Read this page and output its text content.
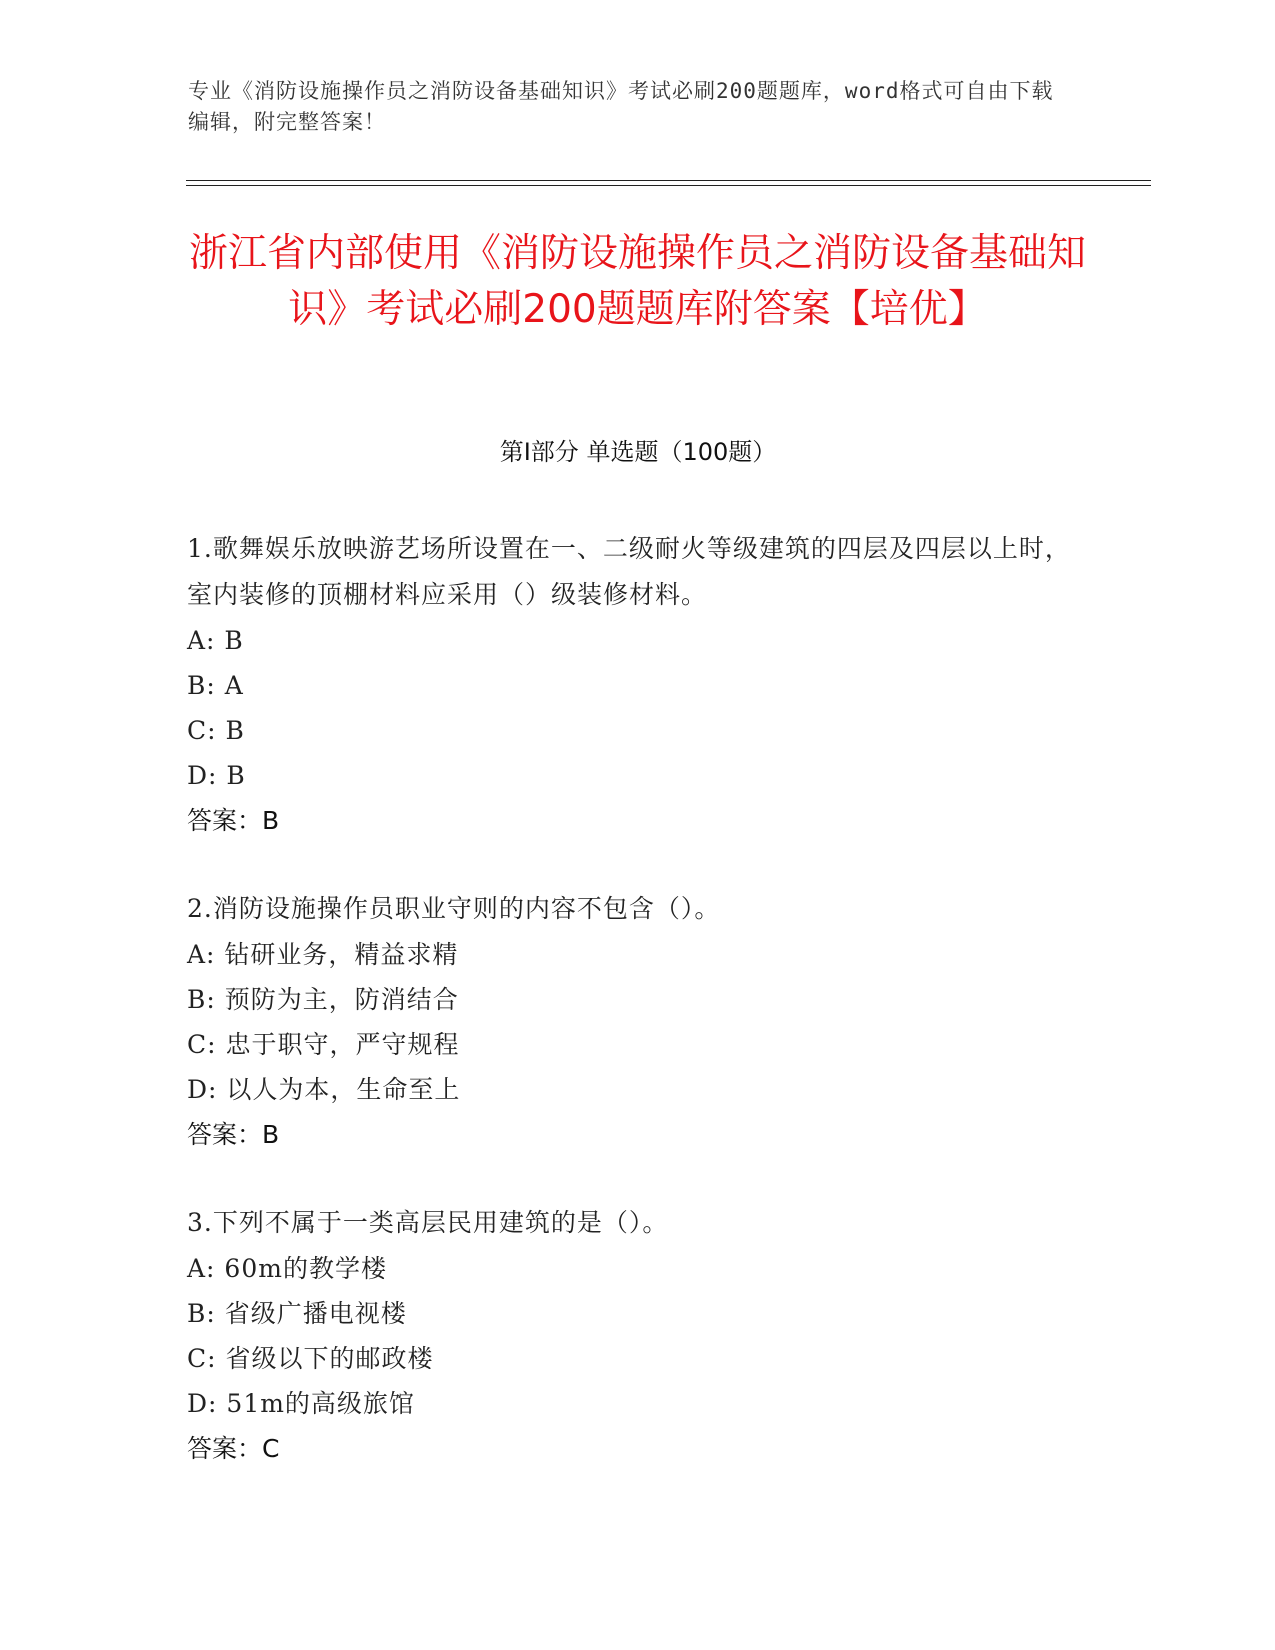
专业《消防设施操作员之消防设备基础知识》考试必刷200题题库，word格式可自由下载编辑，附完整答案！
浙江省内部使用《消防设施操作员之消防设备基础知识》考试必刷200题题库附答案【培优】
第Ⅰ部分 单选题（100题）
1.歌舞娱乐放映游艺场所设置在一、二级耐火等级建筑的四层及四层以上时，室内装修的顶棚材料应采用（）级装修材料。
A: B
B: A
C: B
D: B
答案：B
2.消防设施操作员职业守则的内容不包含（）。
A: 钻研业务，精益求精
B: 预防为主，防消结合
C: 忠于职守，严守规程
D: 以人为本，生命至上
答案：B
3.下列不属于一类高层民用建筑的是（）。
A: 60m的教学楼
B: 省级广播电视楼
C: 省级以下的邮政楼
D: 51m的高级旅馆
答案：C
